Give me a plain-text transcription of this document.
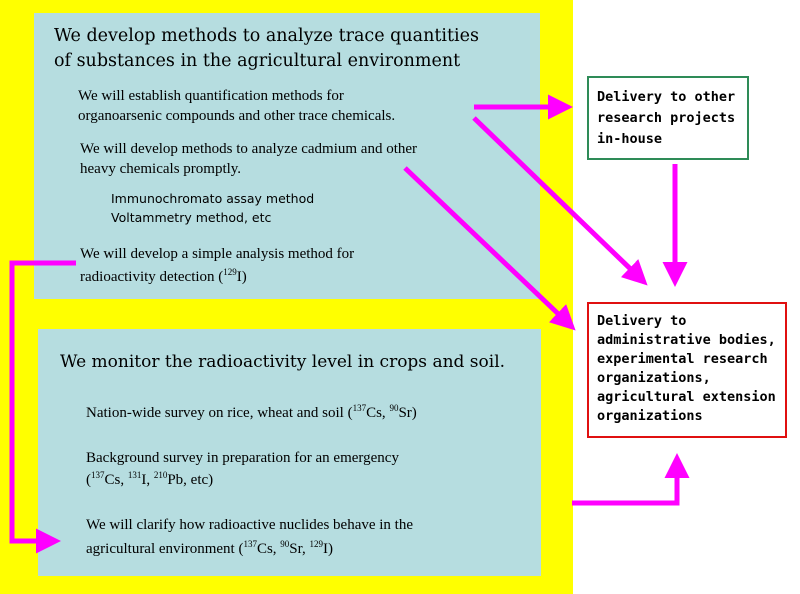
We develop methods to analyze trace quantities
of substances in the agricultural environment
We will establish quantification methods for
organoarsenic compounds and other trace chemicals.
We will develop methods to analyze cadmium and other
heavy chemicals promptly.
Immunochromato assay method
Voltammetry method, etc
We will develop a simple analysis method for
radioactivity detection ($^{129}$I)
We monitor the radioactivity level in crops and soil.
Nation-wide survey on rice, wheat and soil ($^{137}$Cs, $^{90}$Sr)
Background survey in preparation for an emergency
($^{137}$Cs, $^{131}$I, $^{210}$Pb, etc)
We will clarify how radioactive nuclides behave in the
agricultural environment ($^{137}$Cs, $^{90}$Sr, $^{129}$I)
Delivery to other
research projects
in-house
Delivery to
administrative bodies,
experimental research
organizations,
agricultural extension
organizations
